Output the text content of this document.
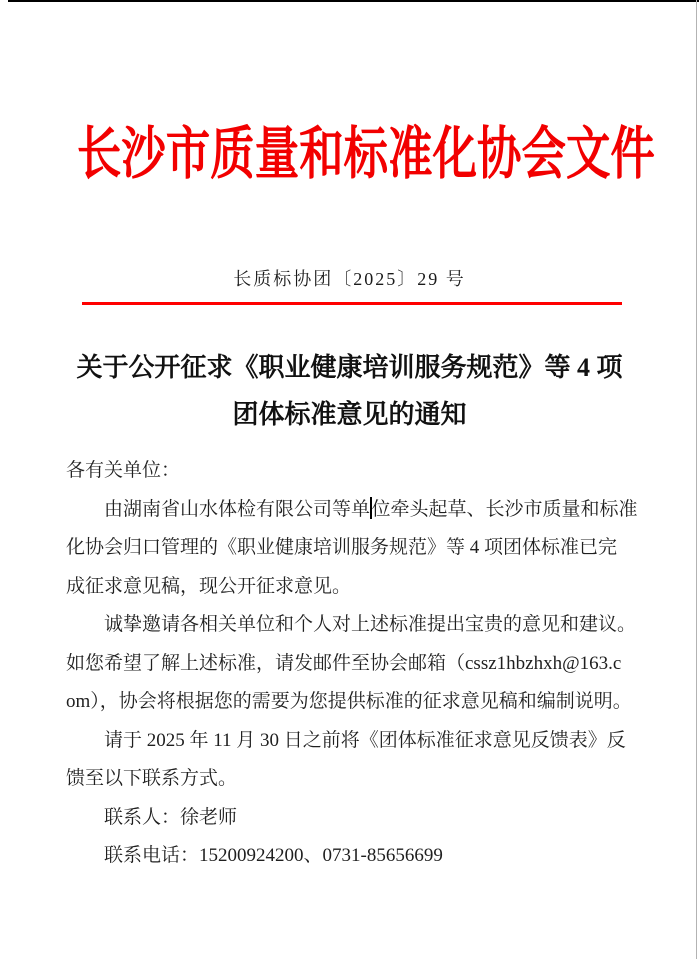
长沙市质量和标准化协会文件
长质标协团〔2025〕29 号
关于公开征求《职业健康培训服务规范》等 4 项
团体标准意见的通知
各有关单位：
由湖南省山水体检有限公司等单位牵头起草、长沙市质量和标准
化协会归口管理的《职业健康培训服务规范》等 4 项团体标准已完
成征求意见稿，现公开征求意见。
诚挚邀请各相关单位和个人对上述标准提出宝贵的意见和建议。
如您希望了解上述标准，请发邮件至协会邮箱（cssz1hbzhxh@163.c
om），协会将根据您的需要为您提供标准的征求意见稿和编制说明。
请于 2025 年 11 月 30 日之前将《团体标准征求意见反馈表》反
馈至以下联系方式。
联系人：徐老师
联系电话：15200924200、0731-85656699
